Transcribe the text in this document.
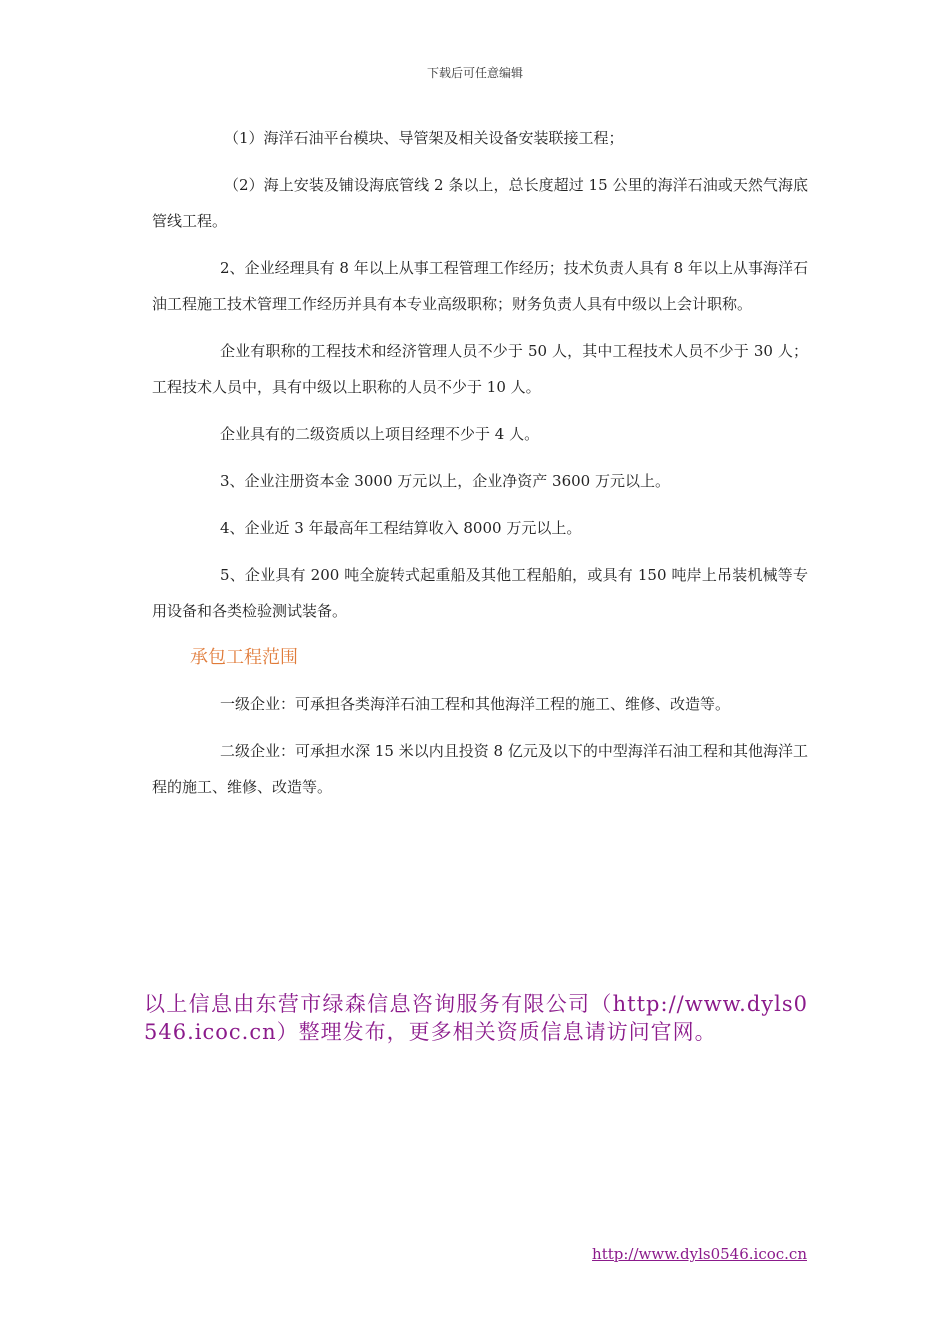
下载后可任意编辑

（1）海洋石油平台模块、导管架及相关设备安装联接工程；

（2）海上安装及铺设海底管线 2 条以上，总长度超过 15 公里的海洋石油或天然气海底管线工程。

2、企业经理具有 8 年以上从事工程管理工作经历；技术负责人具有 8 年以上从事海洋石油工程施工技术管理工作经历并具有本专业高级职称；财务负责人具有中级以上会计职称。

企业有职称的工程技术和经济管理人员不少于 50 人，其中工程技术人员不少于 30 人；工程技术人员中，具有中级以上职称的人员不少于 10 人。

企业具有的二级资质以上项目经理不少于 4 人。

3、企业注册资本金 3000 万元以上，企业净资产 3600 万元以上。

4、企业近 3 年最高年工程结算收入 8000 万元以上。

5、企业具有 200 吨全旋转式起重船及其他工程船舶，或具有 150 吨岸上吊装机械等专用设备和各类检验测试装备。

承包工程范围

一级企业：可承担各类海洋石油工程和其他海洋工程的施工、维修、改造等。

二级企业：可承担水深 15 米以内且投资 8 亿元及以下的中型海洋石油工程和其他海洋工程的施工、维修、改造等。

以上信息由东营市绿森信息咨询服务有限公司（http://www.dyls0546.icoc.cn）整理发布，更多相关资质信息请访问官网。
http://www.dyls0546.icoc.cn
